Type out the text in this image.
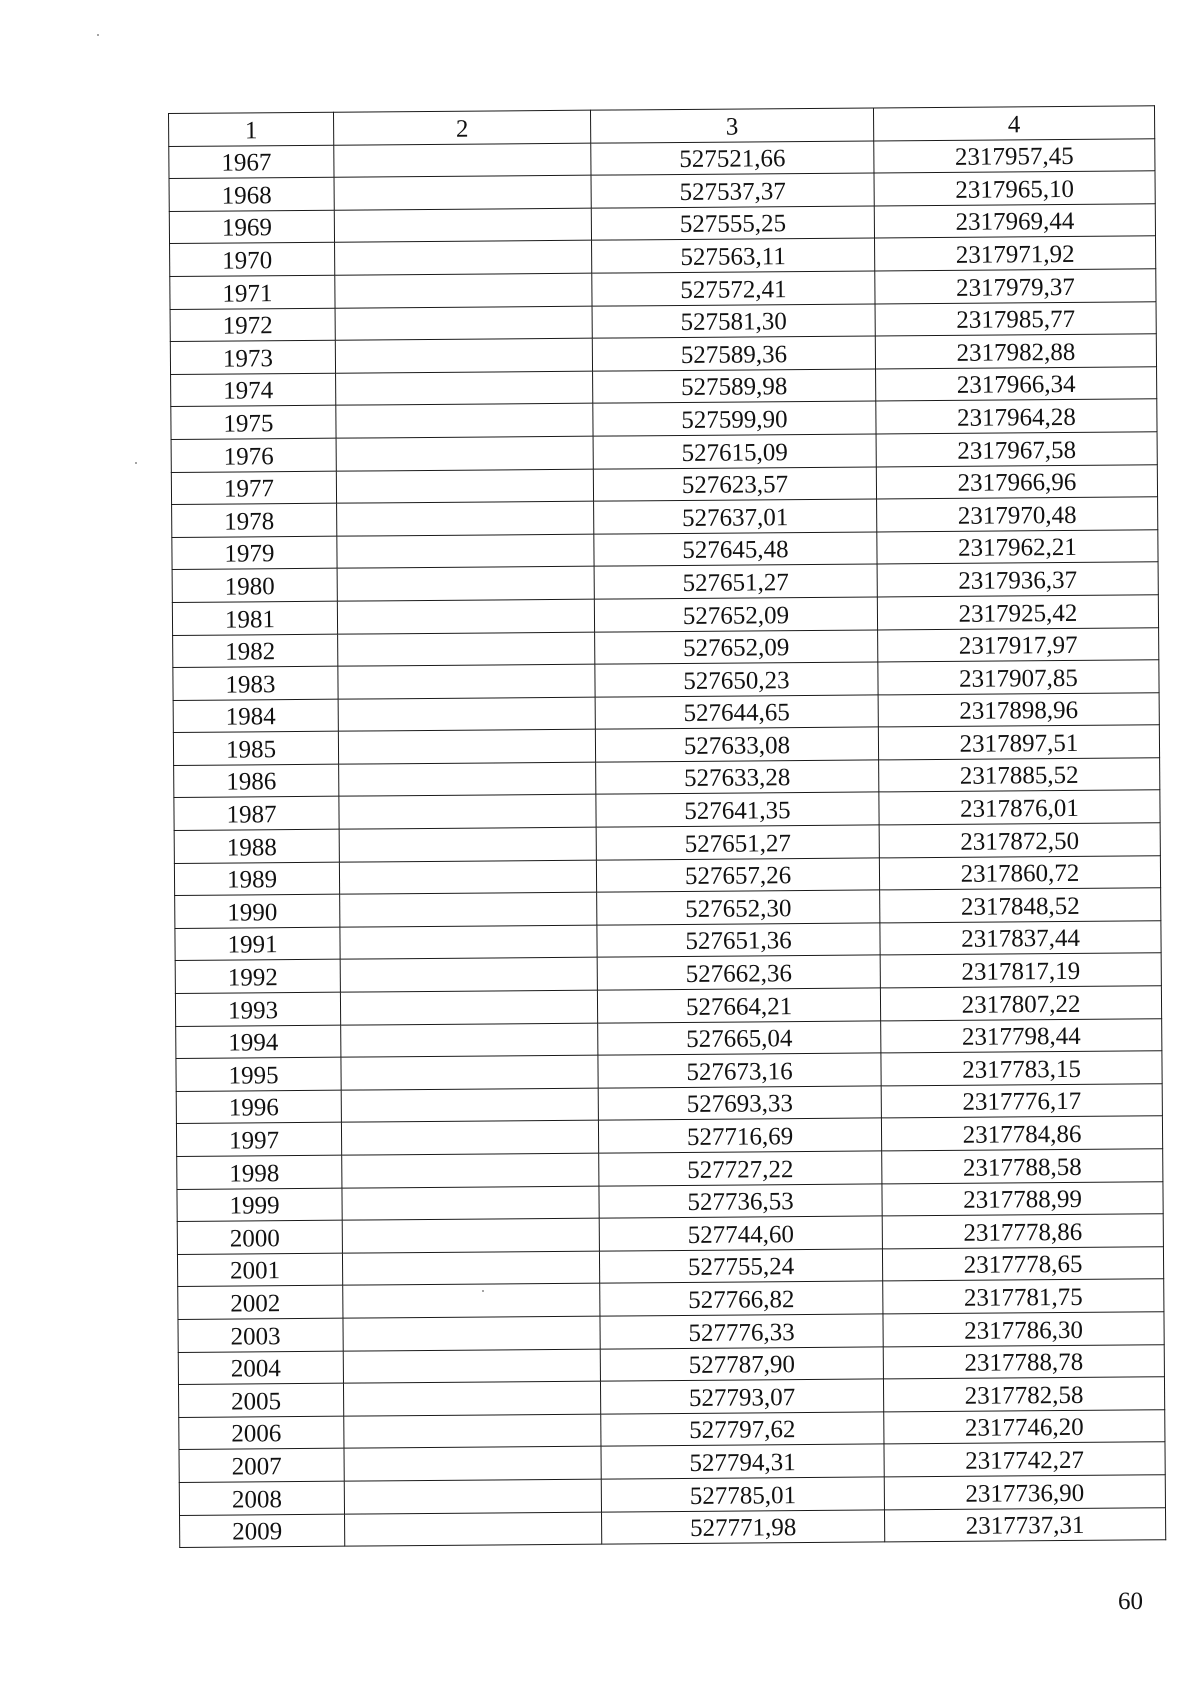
1	2	3	4
1967		527521,66	2317957,45
1968		527537,37	2317965,10
1969		527555,25	2317969,44
1970		527563,11	2317971,92
1971		527572,41	2317979,37
1972		527581,30	2317985,77
1973		527589,36	2317982,88
1974		527589,98	2317966,34
1975		527599,90	2317964,28
1976		527615,09	2317967,58
1977		527623,57	2317966,96
1978		527637,01	2317970,48
1979		527645,48	2317962,21
1980		527651,27	2317936,37
1981		527652,09	2317925,42
1982		527652,09	2317917,97
1983		527650,23	2317907,85
1984		527644,65	2317898,96
1985		527633,08	2317897,51
1986		527633,28	2317885,52
1987		527641,35	2317876,01
1988		527651,27	2317872,50
1989		527657,26	2317860,72
1990		527652,30	2317848,52
1991		527651,36	2317837,44
1992		527662,36	2317817,19
1993		527664,21	2317807,22
1994		527665,04	2317798,44
1995		527673,16	2317783,15
1996		527693,33	2317776,17
1997		527716,69	2317784,86
1998		527727,22	2317788,58
1999		527736,53	2317788,99
2000		527744,60	2317778,86
2001		527755,24	2317778,65
2002		527766,82	2317781,75
2003		527776,33	2317786,30
2004		527787,90	2317788,78
2005		527793,07	2317782,58
2006		527797,62	2317746,20
2007		527794,31	2317742,27
2008		527785,01	2317736,90
2009		527771,98	2317737,31
60
